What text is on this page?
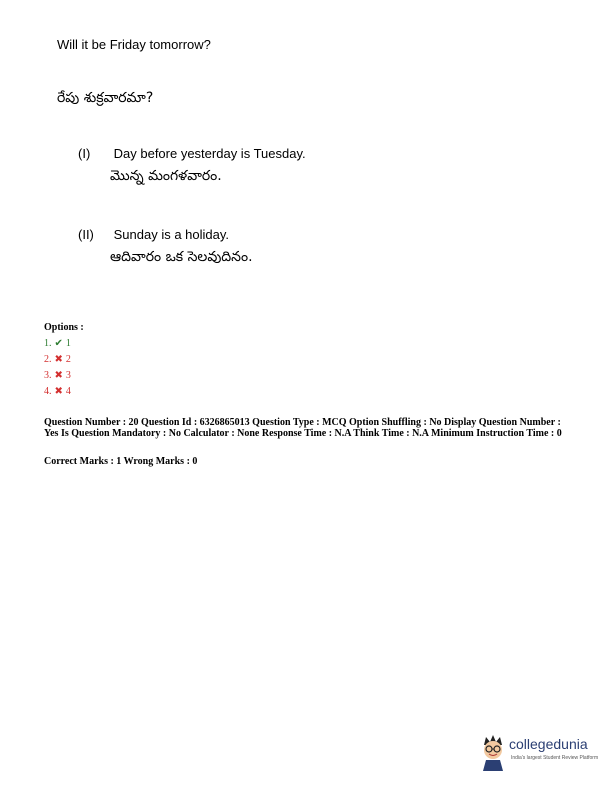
Will it be Friday tomorrow?
రేపు శుక్రవారమా?
(I) Day before yesterday is Tuesday.
మొన్న మంగళవారం.
(II) Sunday is a holiday.
ఆదివారం ఒక సెలవుదినం.
Options :
1. ✔ 1
2. ✖ 2
3. ✖ 3
4. ✖ 4
Question Number : 20 Question Id : 6326865013 Question Type : MCQ Option Shuffling : No Display Question Number : Yes Is Question Mandatory : No Calculator : None Response Time : N.A Think Time : N.A Minimum Instruction Time : 0
Correct Marks : 1 Wrong Marks : 0
collegedunia
India's largest Student Review Platform
